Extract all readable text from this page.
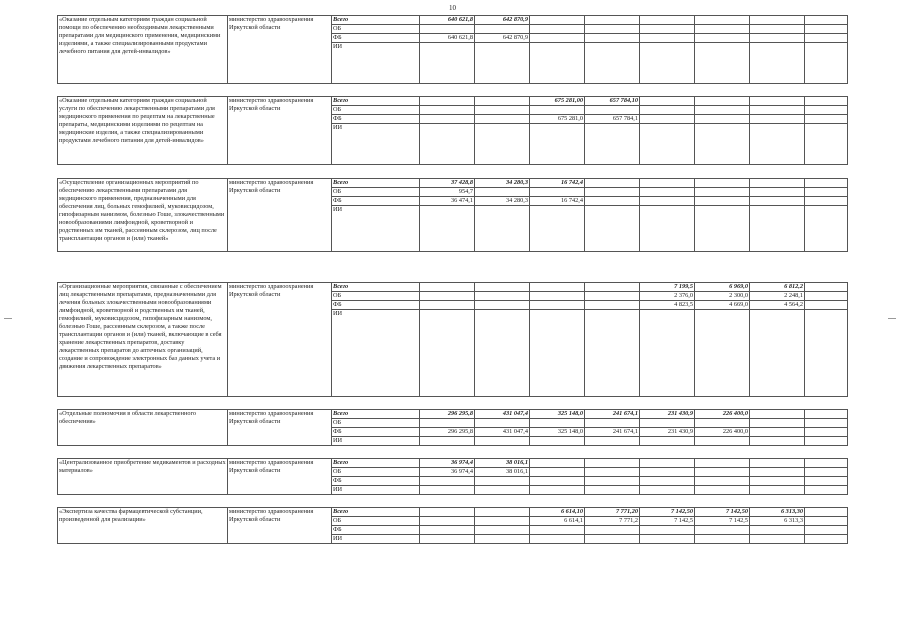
10
«Оказание отдельным категориям граждан социальной помощи по обеспечению необходимыми лекарственными препаратами для медицинского применения, медицинскими изделиями, а также специализированными продуктами лечебного питания для детей-инвалидов»	министерство здравоохранения Иркутской области	Всего	640 621,8	642 870,9						
		ОБ								
		ФБ	640 621,8	642 870,9						
		ИИ								

«Оказание отдельным категориям граждан социальной услуги по обеспечению лекарственными препаратами для медицинского применения по рецептам на лекарственные препараты, медицинскими изделиями по рецептам на медицинские изделия, а также специализированными продуктами лечебного питания для детей-инвалидов»	министерство здравоохранения Иркутской области	Всего			675 281,00	657 784,10				
		ОБ								
		ФБ			675 281,0	657 784,1				
		ИИ								

«Осуществление организационных мероприятий по обеспечению лекарственными препаратами для медицинского применения, предназначенными для обеспечения лиц, больных гемофилией, муковисцидозом, гипофизарным нанизмом, болезнью Гоше, злокачественными новообразованиями лимфоидной, кроветворной и родственных им тканей, рассеянным склерозом, лиц после трансплантации органов и (или) тканей»	министерство здравоохранения Иркутской области	Всего	37 428,8	34 280,3	16 742,4					
		ОБ	954,7							
		ФБ	36 474,1	34 280,3	16 742,4					
		ИИ								

«Организационные мероприятия, связанные с обеспечением лиц лекарственными препаратами, предназначенными для лечения больных злокачественными новообразованиями лимфоидной, кроветворной и родственных им тканей, гемофилией, муковисцидозом, гипофизарным нанизмом, болезнью Гоше, рассеянным склерозом, а также после трансплантации органов и (или) тканей, включающие в себя хранение лекарственных препаратов, доставку лекарственных препаратов до аптечных организаций, создание и сопровождение электронных баз данных учета и движения лекарственных препаратов»	министерство здравоохранения Иркутской области	Всего					7 199,5	6 969,0	6 812,2	
		ОБ					2 376,0	2 300,0	2 248,1	
		ФБ					4 823,5	4 669,0	4 564,2	
		ИИ								

«Отдельные полномочия в области лекарственного обеспечения»	министерство здравоохранения Иркутской области	Всего	296 295,8	431 047,4	325 148,0	241 674,1	231 430,9	226 400,0		
		ОБ								
		ФБ	296 295,8	431 047,4	325 148,0	241 674,1	231 430,9	226 400,0		
		ИИ								

«Централизованное приобретение медикаментов и расходных материалов»	министерство здравоохранения Иркутской области	Всего	36 974,4	38 016,1						
		ОБ	36 974,4	38 016,1						
		ФБ								
		ИИ								

«Экспертиза качества фармацевтической субстанции, произведенной для реализации»	министерство здравоохранения Иркутской области	Всего			6 614,10	7 771,20	7 142,50	7 142,50	6 313,30	
		ОБ			6 614,1	7 771,2	7 142,5	7 142,5	6 313,3	
		ФБ								
		ИИ								
